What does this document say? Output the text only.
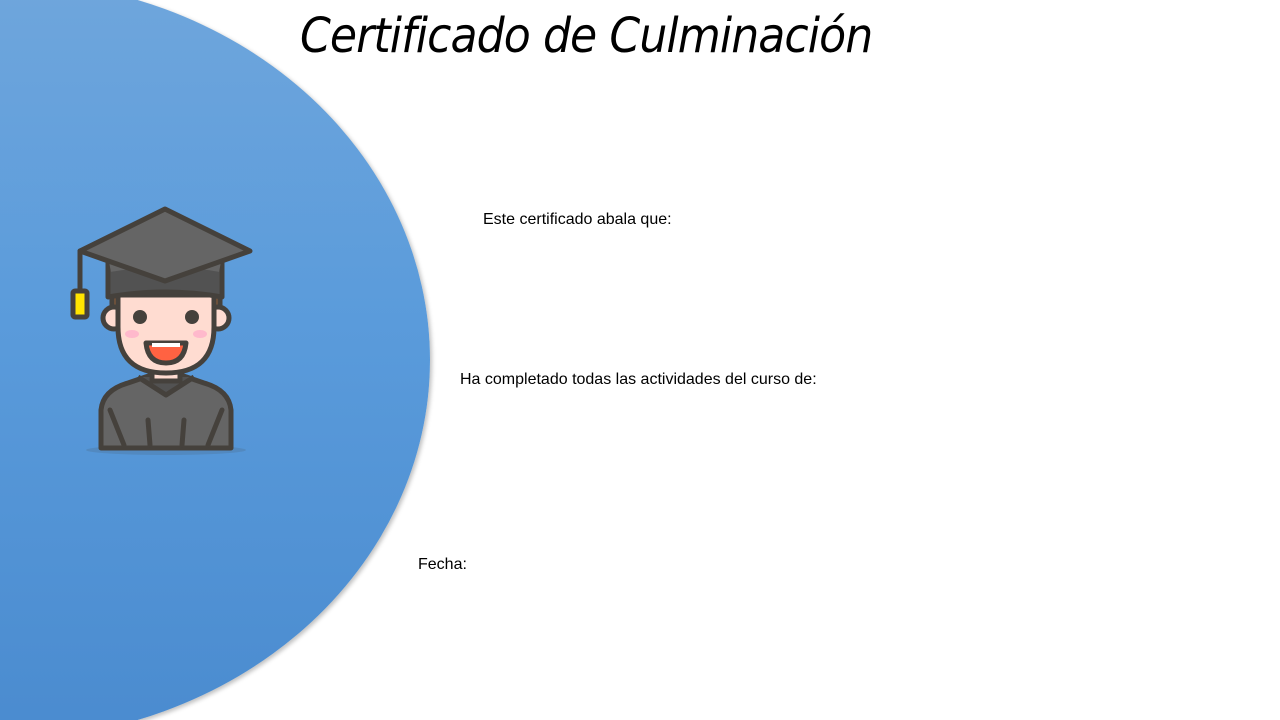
Certificado de Culminación
Este certificado abala que:
Ha completado todas las actividades del curso de:
Fecha:
